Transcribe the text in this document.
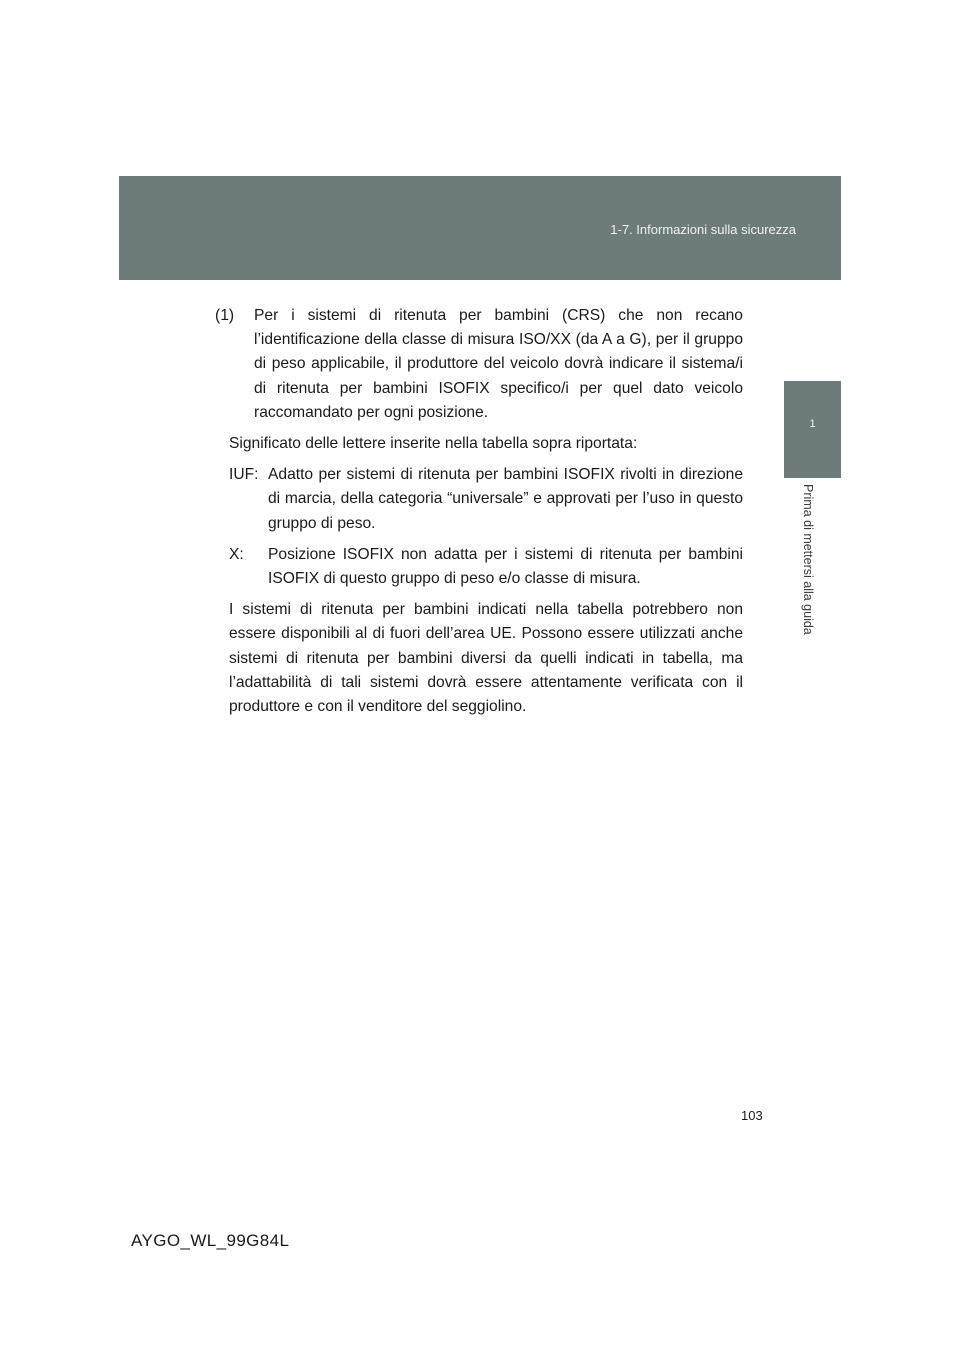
1-7. Informazioni sulla sicurezza
1
Prima di mettersi alla guida
(1)	Per i sistemi di ritenuta per bambini (CRS) che non recano l’identificazione della classe di misura ISO/XX (da A a G), per il gruppo di peso applicabile, il produttore del veicolo dovrà indicare il sistema/i di ritenuta per bambini ISOFIX specifico/i per quel dato veicolo raccomandato per ogni posizione.

Significato delle lettere inserite nella tabella sopra riportata:

IUF: Adatto per sistemi di ritenuta per bambini ISOFIX rivolti in direzione di marcia, della categoria “universale” e approvati per l’uso in questo gruppo di peso.
X:	Posizione ISOFIX non adatta per i sistemi di ritenuta per bambini ISOFIX di questo gruppo di peso e/o classe di misura.

I sistemi di ritenuta per bambini indicati nella tabella potrebbero non essere disponibili al di fuori dell’area UE. Possono essere utilizzati anche sistemi di ritenuta per bambini diversi da quelli indicati in tabella, ma l’adattabilità di tali sistemi dovrà essere attentamente verificata con il produttore e con il venditore del seggiolino.

103
AYGO_WL_99G84L
